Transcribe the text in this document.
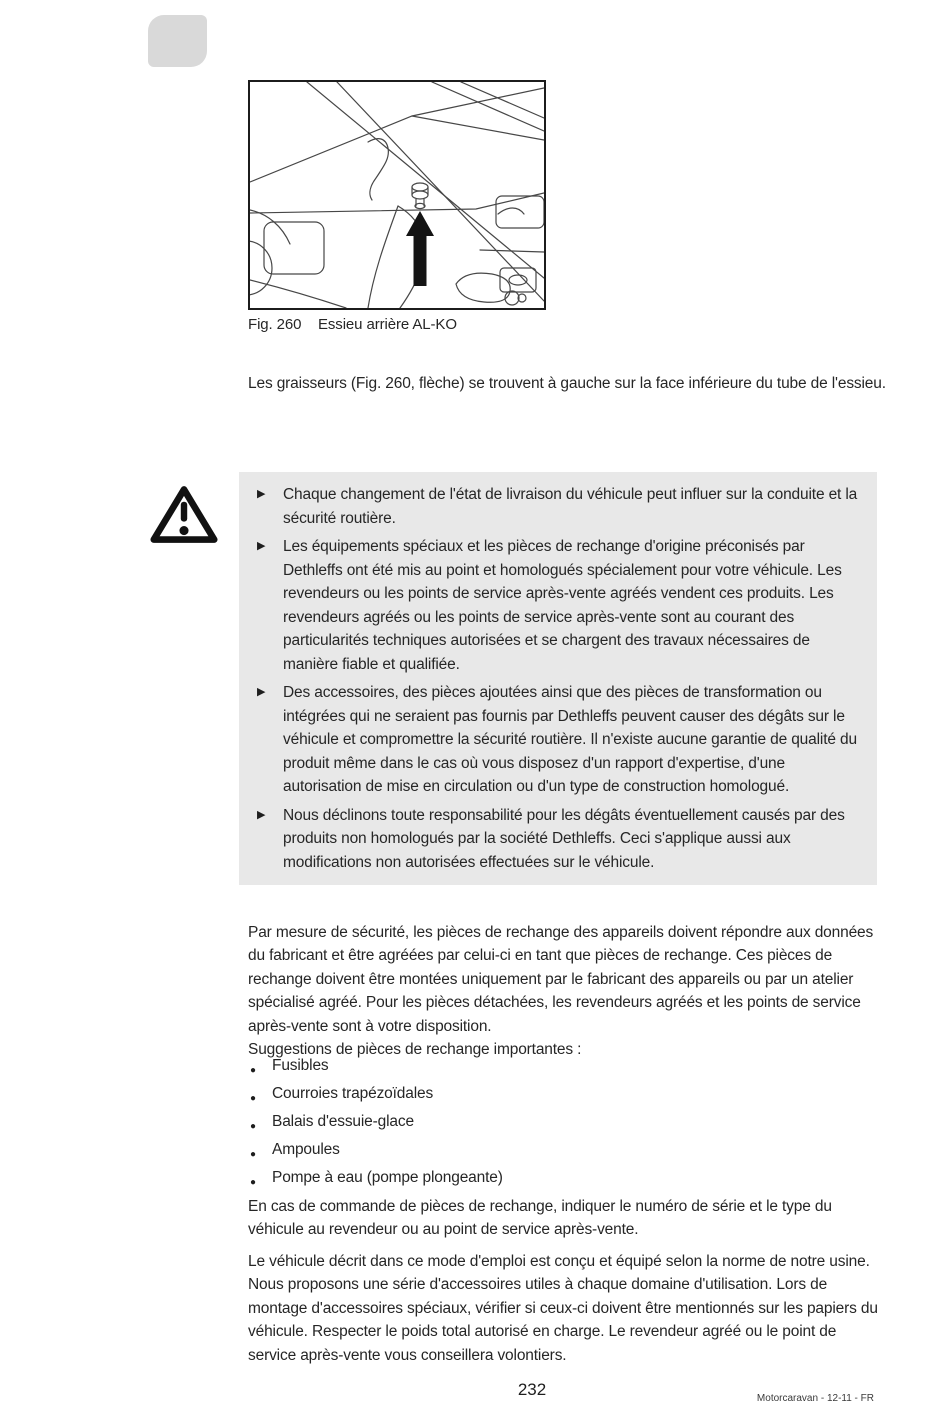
Fig. 260	Essieu arrière AL-KO

Les graisseurs (Fig. 260, flèche) se trouvent à gauche sur la face inférieure du tube de l'essieu.

▶	Chaque changement de l'état de livraison du véhicule peut influer sur la conduite et la sécurité routière.
▶	Les équipements spéciaux et les pièces de rechange d'origine préconisés par Dethleffs ont été mis au point et homologués spécialement pour votre véhicule. Les revendeurs ou les points de service après-vente agréés vendent ces produits. Les revendeurs agréés ou les points de service après-vente sont au courant des particularités techniques autorisées et se chargent des travaux nécessaires de manière fiable et qualifiée.
▶	Des accessoires, des pièces ajoutées ainsi que des pièces de transformation ou intégrées qui ne seraient pas fournis par Dethleffs peuvent causer des dégâts sur le véhicule et compromettre la sécurité routière. Il n'existe aucune garantie de qualité du produit même dans le cas où vous disposez d'un rapport d'expertise, d'une autorisation de mise en circulation ou d'un type de construction homologué.
▶	Nous déclinons toute responsabilité pour les dégâts éventuellement causés par des produits non homologués par la société Dethleffs. Ceci s'applique aussi aux modifications non autorisées effectuées sur le véhicule.

Par mesure de sécurité, les pièces de rechange des appareils doivent répondre aux données du fabricant et être agréées par celui-ci en tant que pièces de rechange. Ces pièces de rechange doivent être montées uniquement par le fabricant des appareils ou par un atelier spécialisé agréé. Pour les pièces détachées, les revendeurs agréés et les points de service après-vente sont à votre disposition.

Suggestions de pièces de rechange importantes :

●	Fusibles
●	Courroies trapézoïdales
●	Balais d'essuie-glace
●	Ampoules
●	Pompe à eau (pompe plongeante)

En cas de commande de pièces de rechange, indiquer le numéro de série et le type du véhicule au revendeur ou au point de service après-vente.

Le véhicule décrit dans ce mode d'emploi est conçu et équipé selon la norme de notre usine. Nous proposons une série d'accessoires utiles à chaque domaine d'utilisation. Lors de montage d'accessoires spéciaux, vérifier si ceux-ci doivent être mentionnés sur les papiers du véhicule. Respecter le poids total autorisé en charge. Le revendeur agréé ou le point de service après-vente vous conseillera volontiers.

232	Motorcaravan - 12-11 - FR
